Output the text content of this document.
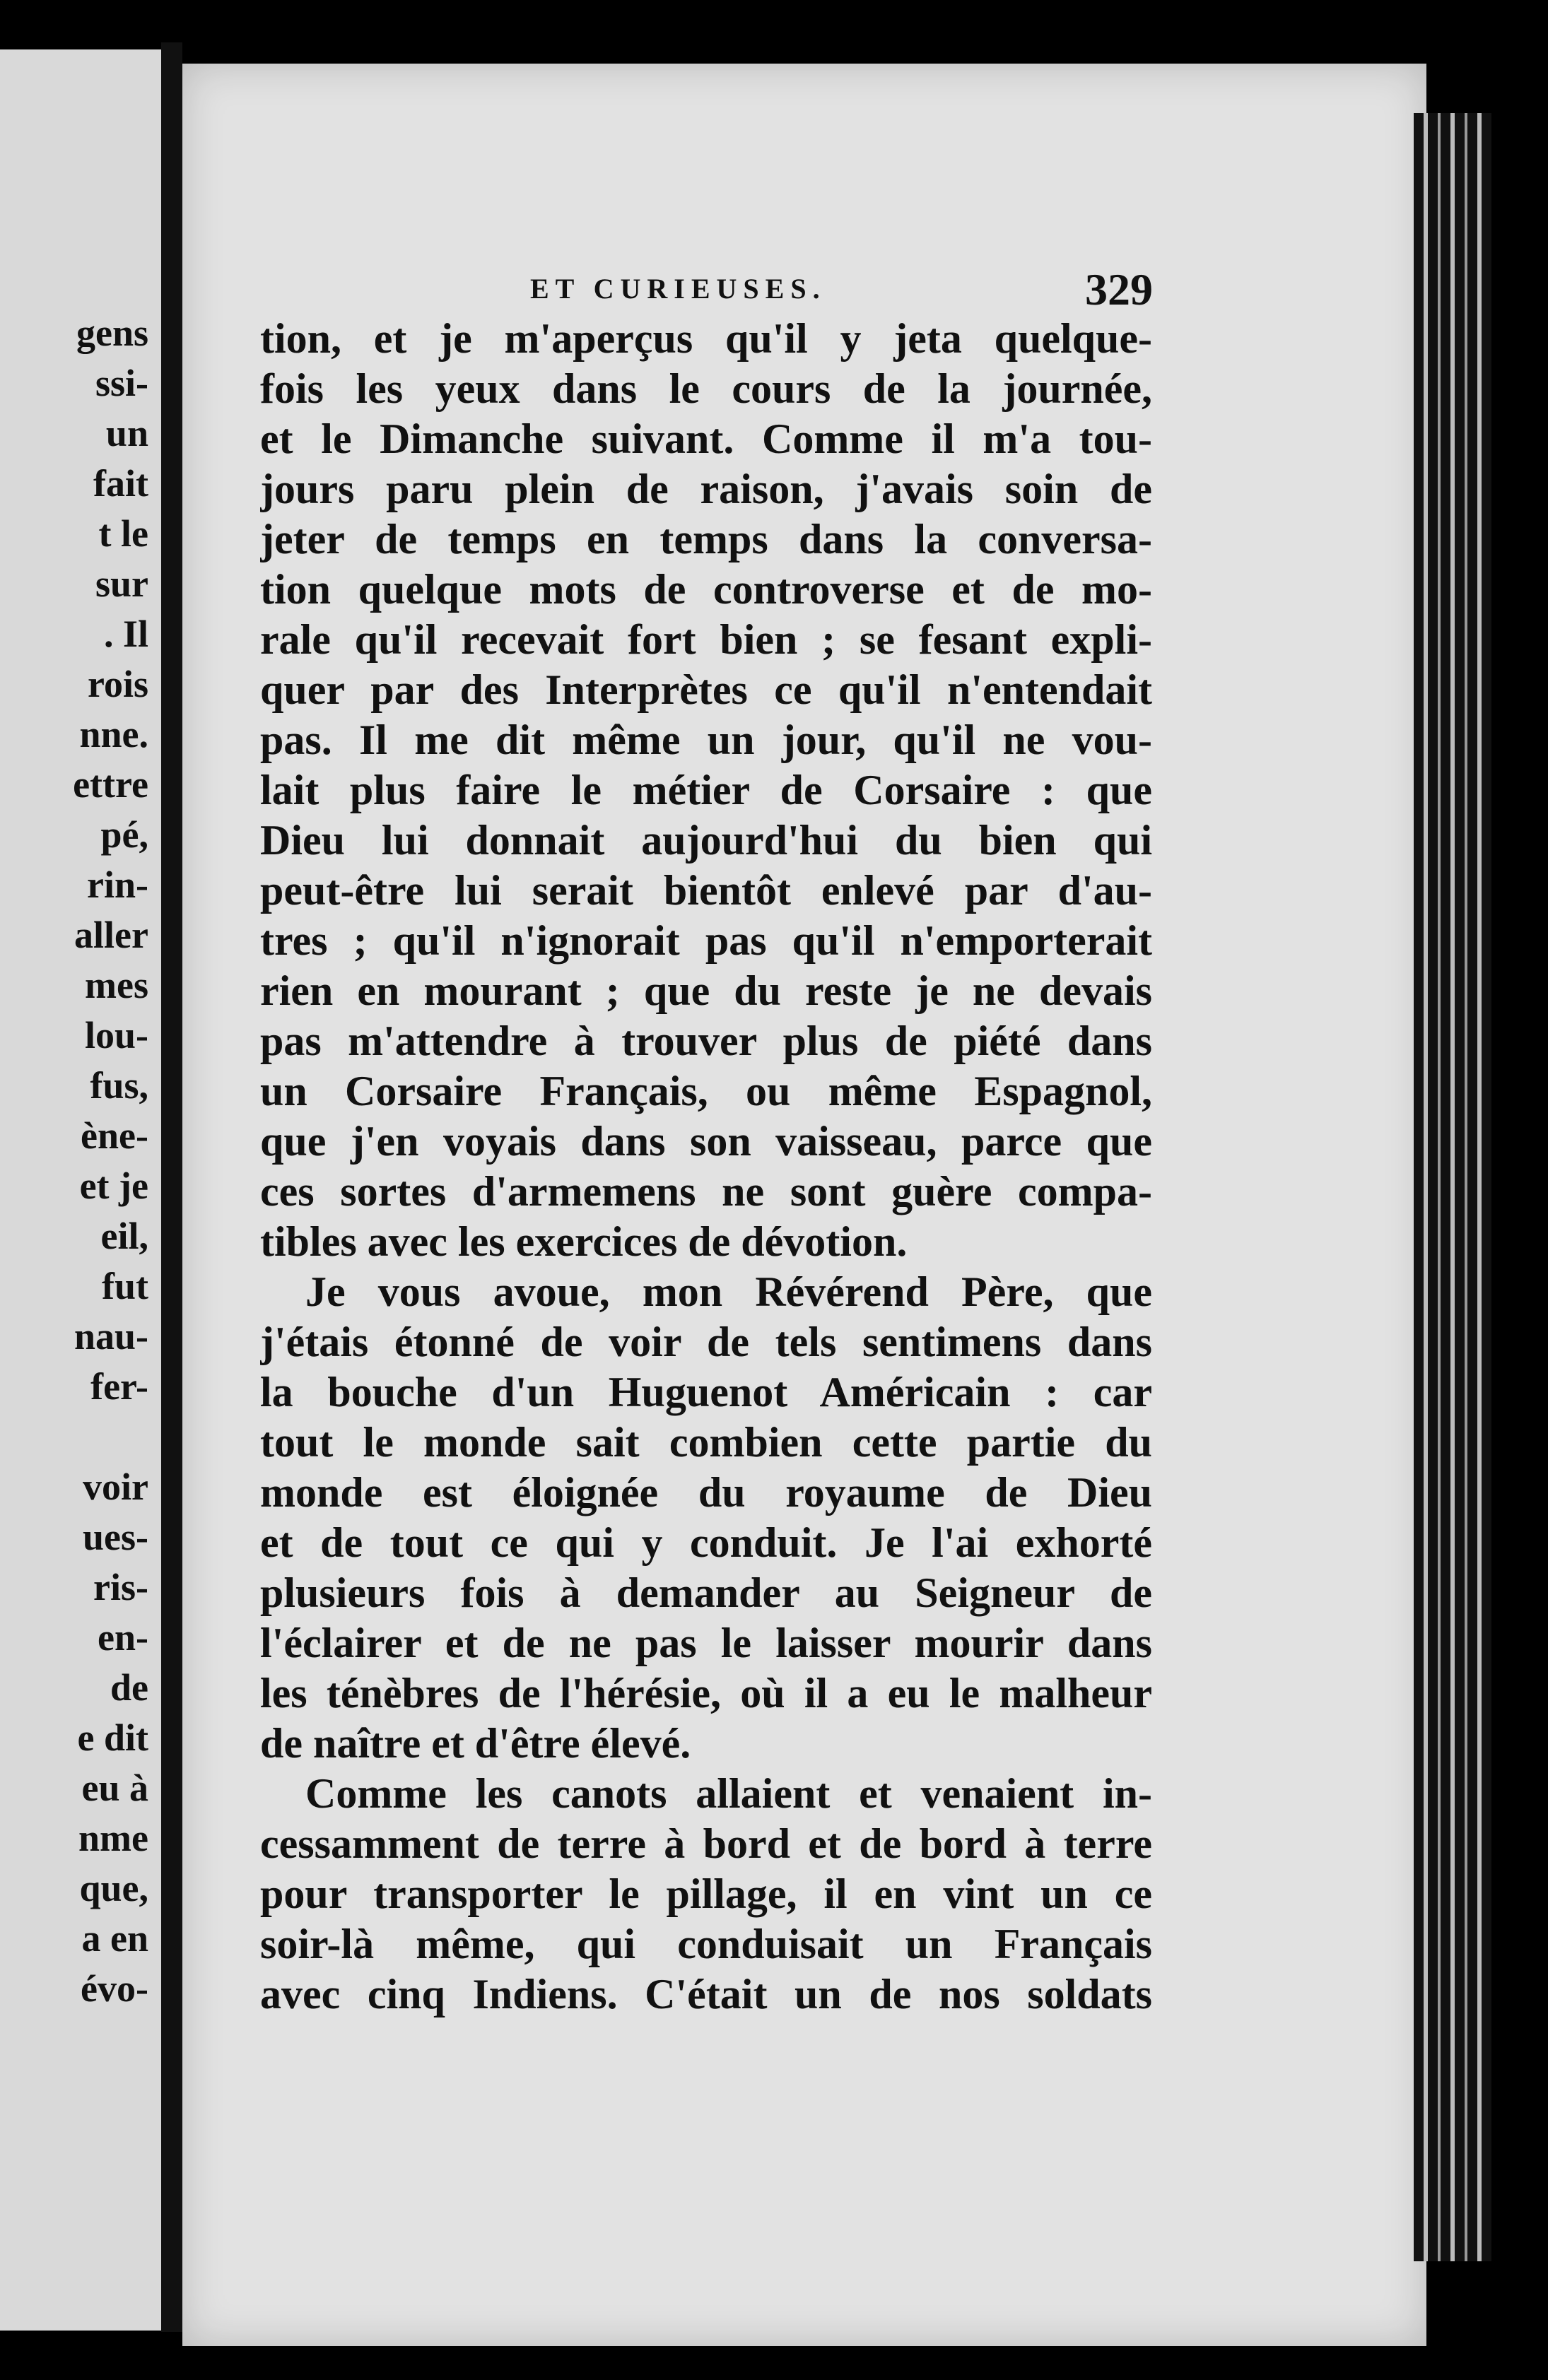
gens
ssi-
un
fait
t le
sur
. Il
rois
nne.
ettre
pé,
rin-
aller
mes
lou-
fus,
ène-
et je
eil,
fut
nau-
fer-
voir
ues-
ris-
en-
de
e dit
eu à
nme
que,
a en
évo-
ET CURIEUSES.	329
tion, et je m'aperçus qu'il y jeta quelque-
fois les yeux dans le cours de la journée,
et le Dimanche suivant. Comme il m'a tou-
jours paru plein de raison, j'avais soin de
jeter de temps en temps dans la conversa-
tion quelque mots de controverse et de mo-
rale qu'il recevait fort bien ; se fesant expli-
quer par des Interprètes ce qu'il n'entendait
pas. Il me dit même un jour, qu'il ne vou-
lait plus faire le métier de Corsaire : que
Dieu lui donnait aujourd'hui du bien qui
peut-être lui serait bientôt enlevé par d'au-
tres ; qu'il n'ignorait pas qu'il n'emporterait
rien en mourant ; que du reste je ne devais
pas m'attendre à trouver plus de piété dans
un Corsaire Français, ou même Espagnol,
que j'en voyais dans son vaisseau, parce que
ces sortes d'armemens ne sont guère compa-
tibles avec les exercices de dévotion.
Je vous avoue, mon Révérend Père, que
j'étais étonné de voir de tels sentimens dans
la bouche d'un Huguenot Américain : car
tout le monde sait combien cette partie du
monde est éloignée du royaume de Dieu
et de tout ce qui y conduit. Je l'ai exhorté
plusieurs fois à demander au Seigneur de
l'éclairer et de ne pas le laisser mourir dans
les ténèbres de l'hérésie, où il a eu le malheur
de naître et d'être élevé.
Comme les canots allaient et venaient in-
cessamment de terre à bord et de bord à terre
pour transporter le pillage, il en vint un ce
soir-là même, qui conduisait un Français
avec cinq Indiens. C'était un de nos soldats
